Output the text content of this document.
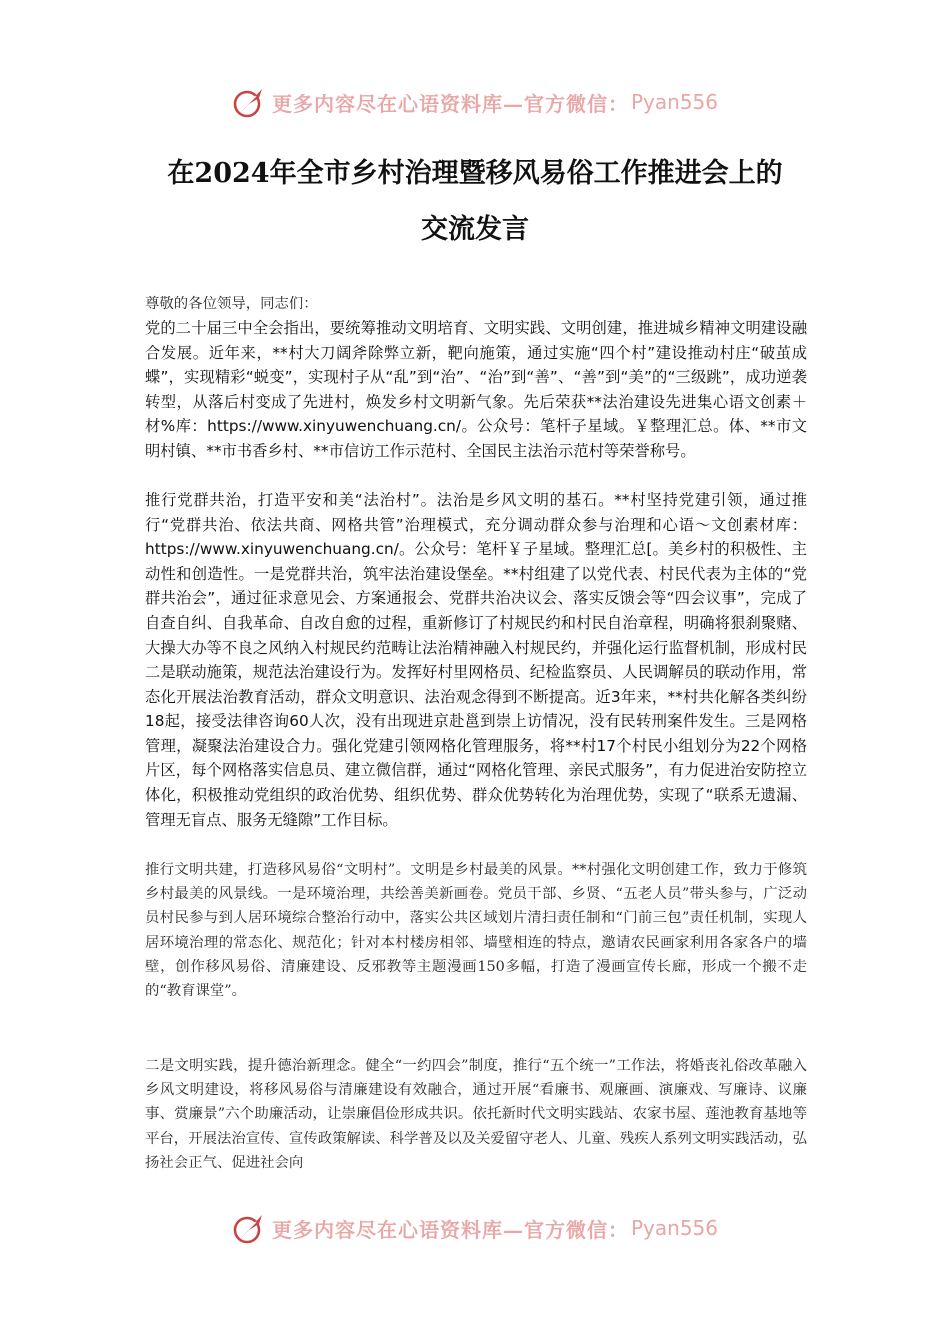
更多内容尽在心语资料库—官方微信： Pyan556
在2024年全市乡村治理暨移风易俗工作推进会上的
交流发言

尊敬的各位领导，同志们：

党的二十届三中全会指出，要统筹推动文明培育、文明实践、文明创建，推进城乡精神文明建设融合发展。近年来，**村大刀阔斧除弊立新，靶向施策，通过实施“四个村”建设推动村庄“破茧成蝶”，实现精彩“蜕变”，实现村子从“乱”到“治”、“治”到“善”、“善”到“美”的“三级跳”，成功逆袭转型，从落后村变成了先进村，焕发乡村文明新气象。先后荣获**法治建设先进集心语文创素＋材%库：https://www.xinyuwenchuang.cn/。公众号：笔杆子星域。￥整理汇总。体、**市文明村镇、**市书香乡村、**市信访工作示范村、全国民主法治示范村等荣誉称号。

推行党群共治，打造平安和美“法治村”。法治是乡风文明的基石。**村坚持党建引领，通过推行“党群共治、依法共商、网格共管”治理模式，充分调动群众参与治理和心语～文创素材库：https://www.xinyuwenchuang.cn/。公众号：笔杆￥子星域。整理汇总[。美乡村的积极性、主动性和创造性。一是党群共治，筑牢法治建设堡垒。**村组建了以党代表、村民代表为主体的“党群共治会”，通过征求意见会、方案通报会、党群共治决议会、落实反馈会等“四会议事”，完成了自查自纠、自我革命、自改自愈的过程，重新修订了村规民约和村民自治章程，明确将狠刹聚赌、大操大办等不良之风纳入村规民约范畴让法治精神融入村规民约，并强化运行监督机制，形成村民

二是联动施策，规范法治建设行为。发挥好村里网格员、纪检监察员、人民调解员的联动作用，常态化开展法治教育活动，群众文明意识、法治观念得到不断提高。近3年来，**村共化解各类纠纷18起，接受法律咨询60人次，没有出现进京赴邕到崇上访情况，没有民转刑案件发生。三是网格管理，凝聚法治建设合力。强化党建引领网格化管理服务，将**村17个村民小组划分为22个网格片区，每个网格落实信息员、建立微信群，通过“网格化管理、亲民式服务”，有力促进治安防控立体化，积极推动党组织的政治优势、组织优势、群众优势转化为治理优势，实现了“联系无遗漏、管理无盲点、服务无缝隙”工作目标。

推行文明共建，打造移风易俗“文明村”。文明是乡村最美的风景。**村强化文明创建工作，致力于修筑乡村最美的风景线。一是环境治理，共绘善美新画卷。党员干部、乡贤、“五老人员”带头参与，广泛动员村民参与到人居环境综合整治行动中，落实公共区域划片清扫责任制和“门前三包”责任机制，实现人居环境治理的常态化、规范化；针对本村楼房相邻、墙壁相连的特点，邀请农民画家利用各家各户的墙壁，创作移风易俗、清廉建设、反邪教等主题漫画150多幅，打造了漫画宣传长廊，形成一个搬不走的“教育课堂”。

二是文明实践，提升德治新理念。健全“一约四会”制度，推行“五个统一”工作法，将婚丧礼俗改革融入乡风文明建设，将移风易俗与清廉建设有效融合，通过开展“看廉书、观廉画、演廉戏、写廉诗、议廉事、赏廉景”六个助廉活动，让崇廉倡俭形成共识。依托新时代文明实践站、农家书屋、莲池教育基地等平台，开展法治宣传、宣传政策解读、科学普及以及关爱留守老人、儿童、残疾人系列文明实践活动，弘扬社会正气、促进社会向

更多内容尽在心语资料库—官方微信： Pyan556
